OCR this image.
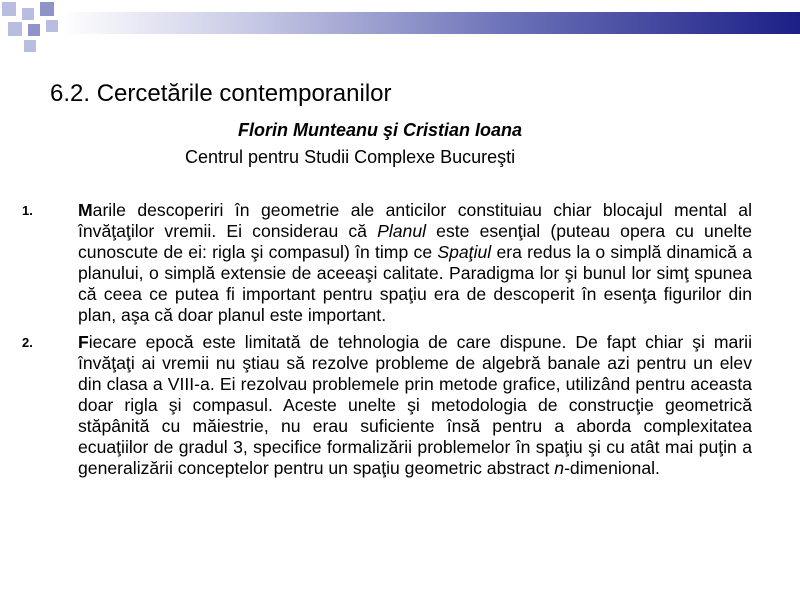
6.2. Cercetările contemporanilor
Florin Munteanu şi Cristian Ioana
Centrul pentru Studii Complexe Bucureşti
1.	Marile descoperiri în geometrie ale anticilor constituiau chiar blocajul mental al învăţaţilor vremii. Ei considerau că Planul este esenţial (puteau opera cu unelte cunoscute de ei: rigla şi compasul) în timp ce Spaţiul era redus la o simplă dinamică a planului, o simplă extensie de aceeaşi calitate. Paradigma lor şi bunul lor simţ spunea că ceea ce putea fi important pentru spaţiu era de descoperit în esenţa figurilor din plan, aşa că doar planul este important.

2.	Fiecare epocă este limitată de tehnologia de care dispune. De fapt chiar şi marii învăţaţi ai vremii nu ştiau să rezolve probleme de algebră banale azi pentru un elev din clasa a VIII-a. Ei rezolvau problemele prin metode grafice, utilizând pentru aceasta doar rigla şi compasul. Aceste unelte şi metodologia de construcţie geometrică stăpânită cu măiestrie, nu erau suficiente însă pentru a aborda complexitatea ecuaţiilor de gradul 3, specifice formalizării problemelor în spaţiu şi cu atât mai puţin a generalizării conceptelor pentru un spaţiu geometric abstract n-dimenional.
